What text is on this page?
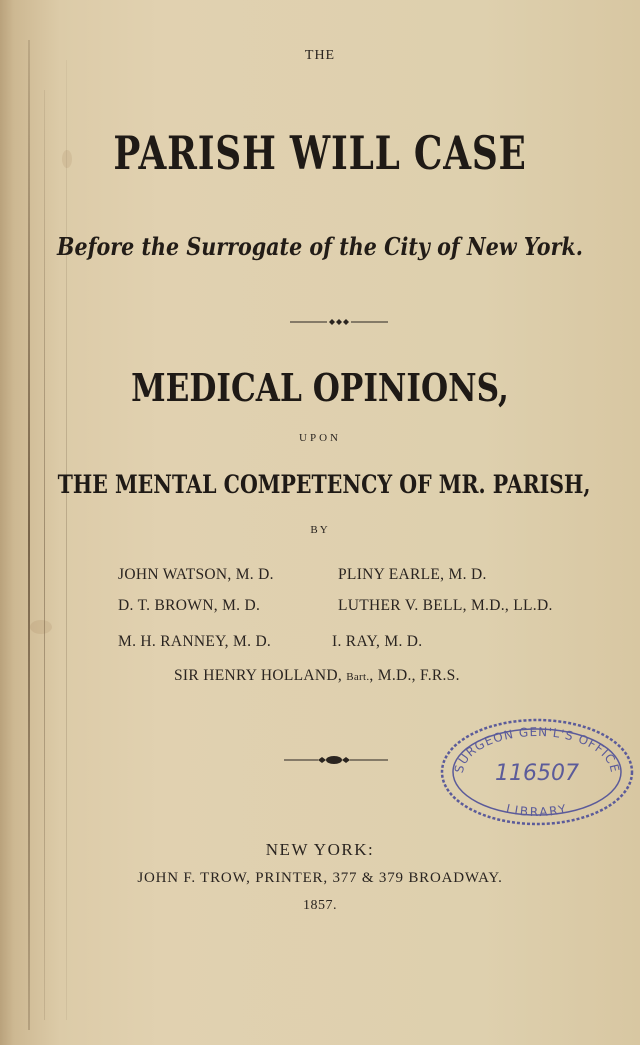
THE
PARISH WILL CASE
Before the Surrogate of the City of New York.
MEDICAL OPINIONS,
UPON
THE MENTAL COMPETENCY OF MR. PARISH,
BY
JOHN WATSON, M. D.	PLINY EARLE, M. D.
D. T. BROWN, M. D.	LUTHER V. BELL, M.D., LL.D.
M. H. RANNEY, M. D.	I. RAY, M. D.
SIR HENRY HOLLAND, Bart., M.D., F.R.S.
SURGEON GEN'L'S OFFICE
LIBRARY
116507
NEW YORK:
JOHN F. TROW, PRINTER, 377 & 379 BROADWAY.
1857.
